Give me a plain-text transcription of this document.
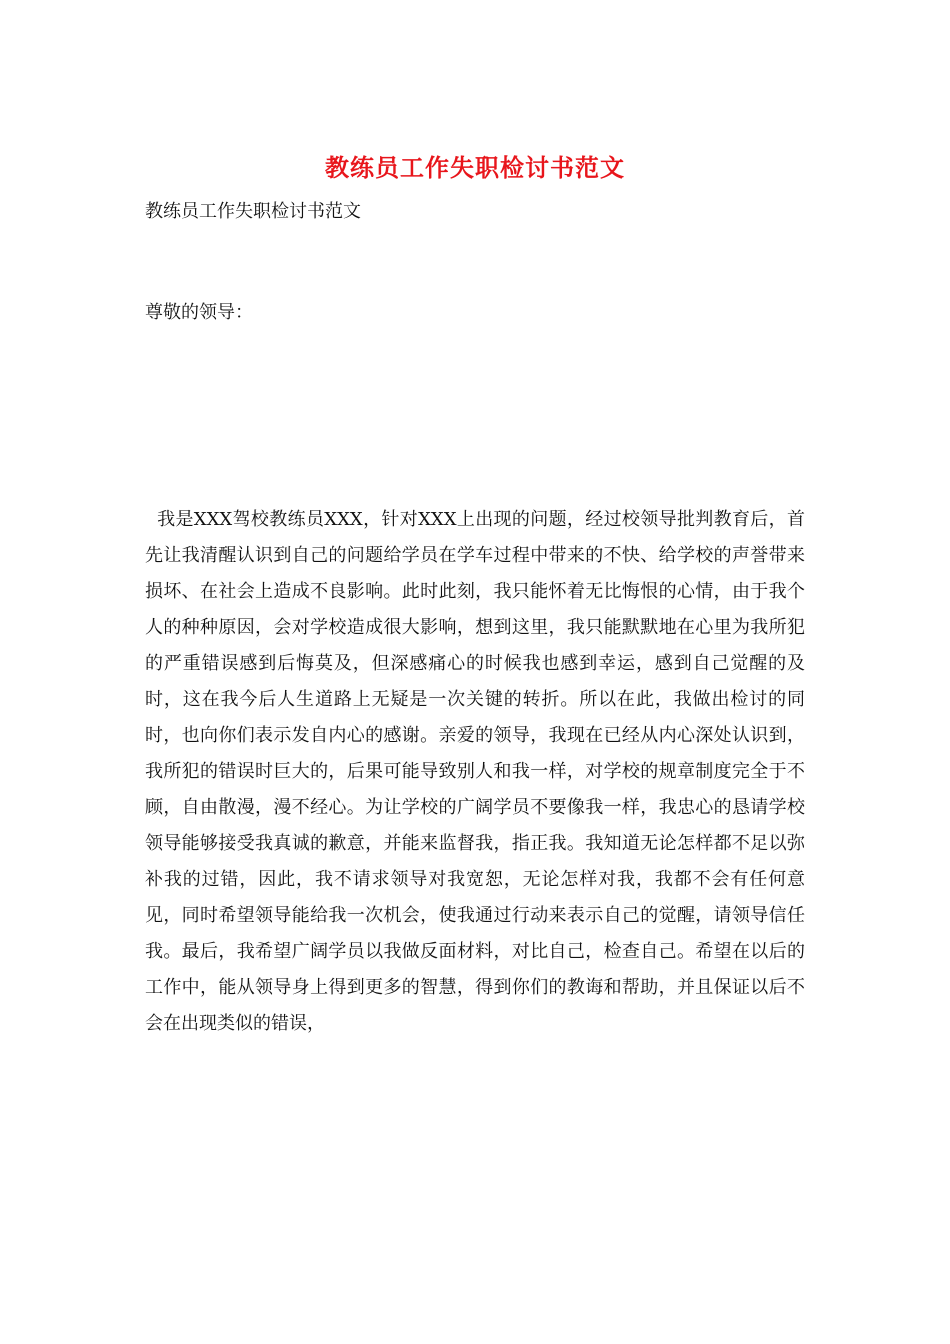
教练员工作失职检讨书范文
教练员工作失职检讨书范文
尊敬的领导：
我是XXX驾校教练员XXX，针对XXX上出现的问题，经过校领导批判教育后，首先让我清醒认识到自己的问题给学员在学车过程中带来的不快、给学校的声誉带来损坏、在社会上造成不良影响。此时此刻，我只能怀着无比悔恨的心情，由于我个人的种种原因，会对学校造成很大影响，想到这里，我只能默默地在心里为我所犯的严重错误感到后悔莫及，但深感痛心的时候我也感到幸运，感到自己觉醒的及时，这在我今后人生道路上无疑是一次关键的转折。所以在此，我做出检讨的同时，也向你们表示发自内心的感谢。亲爱的领导，我现在已经从内心深处认识到，我所犯的错误时巨大的，后果可能导致别人和我一样，对学校的规章制度完全于不顾，自由散漫，漫不经心。为让学校的广阔学员不要像我一样，我忠心的恳请学校领导能够接受我真诚的歉意，并能来监督我，指正我。我知道无论怎样都不足以弥补我的过错，因此，我不请求领导对我宽恕，无论怎样对我，我都不会有任何意见，同时希望领导能给我一次机会，使我通过行动来表示自己的觉醒，请领导信任我。最后，我希望广阔学员以我做反面材料，对比自己，检查自己。希望在以后的工作中，能从领导身上得到更多的智慧，得到你们的教诲和帮助，并且保证以后不会在出现类似的错误，
